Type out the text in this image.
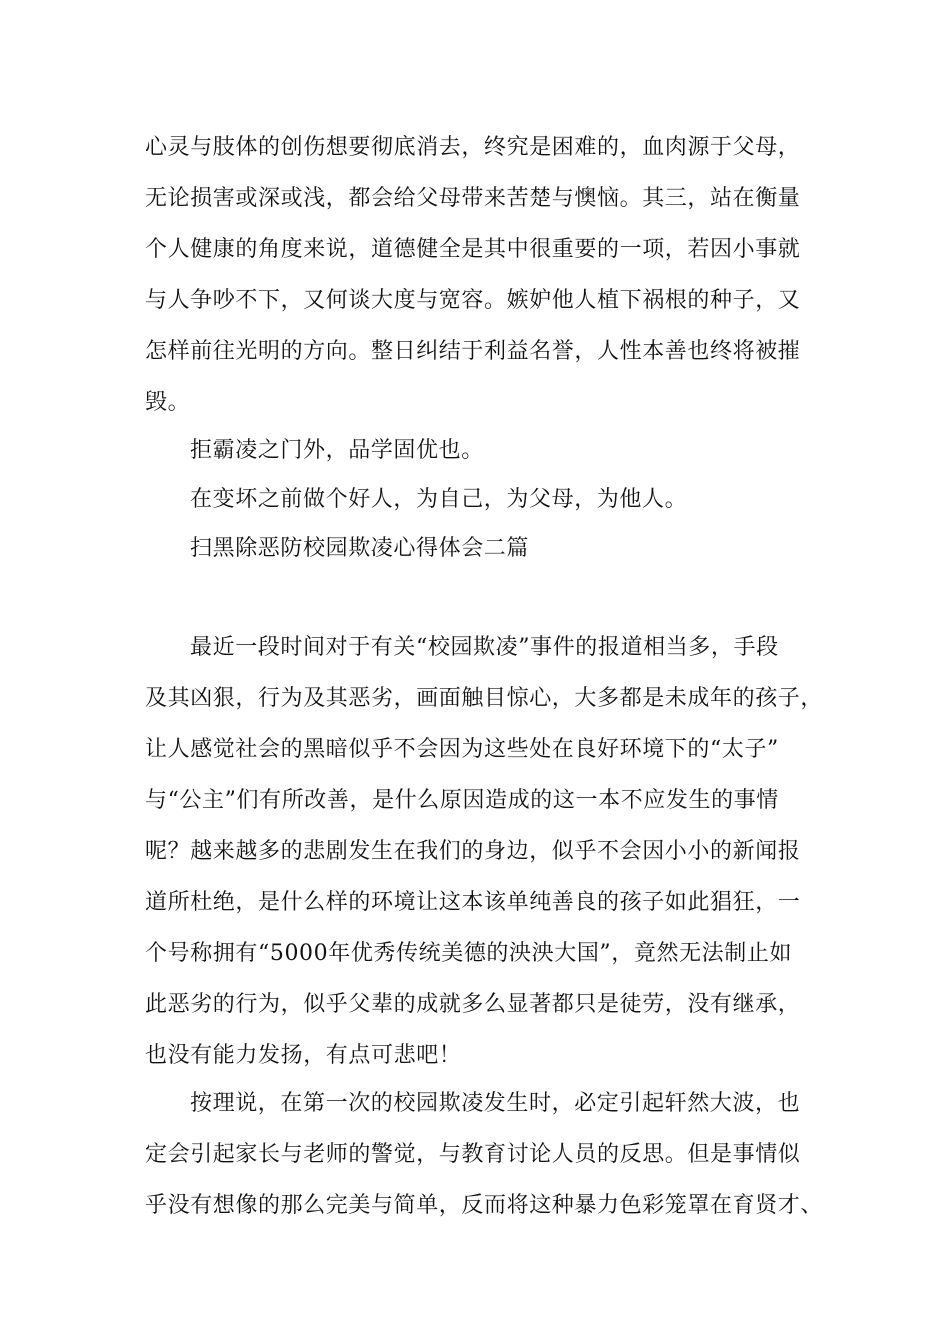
心灵与肢体的创伤想要彻底消去，终究是困难的，血肉源于父母，
无论损害或深或浅，都会给父母带来苦楚与懊恼。其三，站在衡量
个人健康的角度来说，道德健全是其中很重要的一项，若因小事就
与人争吵不下，又何谈大度与宽容。嫉妒他人植下祸根的种子，又
怎样前往光明的方向。整日纠结于利益名誉，人性本善也终将被摧
毁。
拒霸凌之门外，品学固优也。
在变坏之前做个好人，为自己，为父母，为他人。
扫黑除恶防校园欺凌心得体会二篇
最近一段时间对于有关“校园欺凌”事件的报道相当多，手段
及其凶狠，行为及其恶劣，画面触目惊心，大多都是未成年的孩子，
让人感觉社会的黑暗似乎不会因为这些处在良好环境下的“太子”
与“公主”们有所改善，是什么原因造成的这一本不应发生的事情
呢？越来越多的悲剧发生在我们的身边，似乎不会因小小的新闻报
道所杜绝，是什么样的环境让这本该单纯善良的孩子如此猖狂，一
个号称拥有“5000年优秀传统美德的泱泱大国”，竟然无法制止如
此恶劣的行为，似乎父辈的成就多么显著都只是徒劳，没有继承，
也没有能力发扬，有点可悲吧！
按理说，在第一次的校园欺凌发生时，必定引起轩然大波，也
定会引起家长与老师的警觉，与教育讨论人员的反思。但是事情似
乎没有想像的那么完美与简单，反而将这种暴力色彩笼罩在育贤才、
